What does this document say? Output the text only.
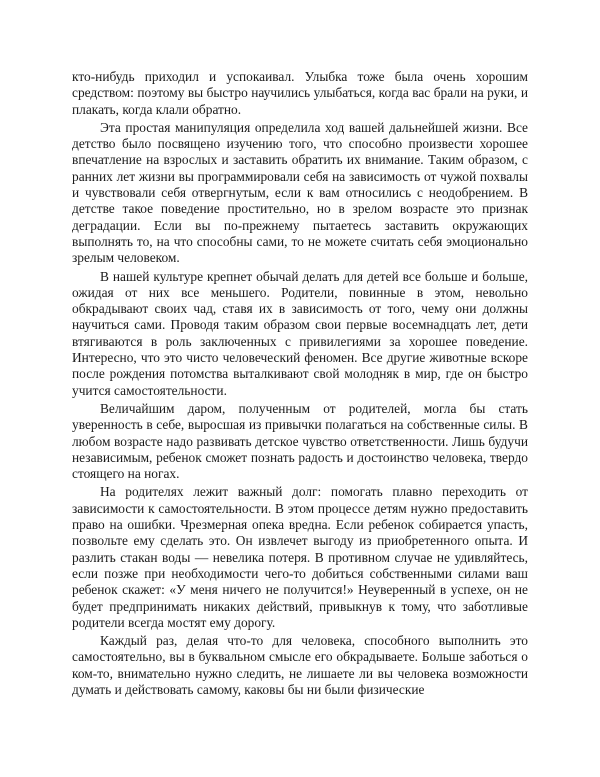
кто-нибудь приходил и успокаивал. Улыбка тоже была очень хорошим средством: поэтому вы быстро научились улыбаться, когда вас брали на руки, и плакать, когда клали обратно.

Эта простая манипуляция определила ход вашей дальнейшей жизни. Все детство было посвящено изучению того, что способно произвести хорошее впечатление на взрослых и заставить обратить их внимание. Таким образом, с ранних лет жизни вы программировали себя на зависимость от чужой похвалы и чувствовали себя отвергнутым, если к вам относились с неодобрением. В детстве такое поведение простительно, но в зрелом возрасте это признак деградации. Если вы по-прежнему пытаетесь заставить окружающих выполнять то, на что способны сами, то не можете считать себя эмоционально зрелым человеком.

В нашей культуре крепнет обычай делать для детей все больше и больше, ожидая от них все меньшего. Родители, повинные в этом, невольно обкрадывают своих чад, ставя их в зависимость от того, чему они должны научиться сами. Проводя таким образом свои первые восемнадцать лет, дети втягиваются в роль заключенных с привилегиями за хорошее поведение. Интересно, что это чисто человеческий феномен. Все другие животные вскоре после рождения потомства выталкивают свой молодняк в мир, где он быстро учится самостоятельности.

Величайшим даром, полученным от родителей, могла бы стать уверенность в себе, выросшая из привычки полагаться на собственные силы. В любом возрасте надо развивать детское чувство ответственности. Лишь будучи независимым, ребенок сможет познать радость и достоинство человека, твердо стоящего на ногах.

На родителях лежит важный долг: помогать плавно переходить от зависимости к самостоятельности. В этом процессе детям нужно предоставить право на ошибки. Чрезмерная опека вредна. Если ребенок собирается упасть, позвольте ему сделать это. Он извлечет выгоду из приобретенного опыта. И разлить стакан воды — невелика потеря. В противном случае не удивляйтесь, если позже при необходимости чего-то добиться собственными силами ваш ребенок скажет: «У меня ничего не получится!» Неуверенный в успехе, он не будет предпринимать никаких действий, привыкнув к тому, что заботливые родители всегда мостят ему дорогу.

Каждый раз, делая что-то для человека, способного выполнить это самостоятельно, вы в буквальном смысле его обкрадываете. Больше заботься о ком-то, внимательно нужно следить, не лишаете ли вы человека возможности думать и действовать самому, каковы бы ни были физические
